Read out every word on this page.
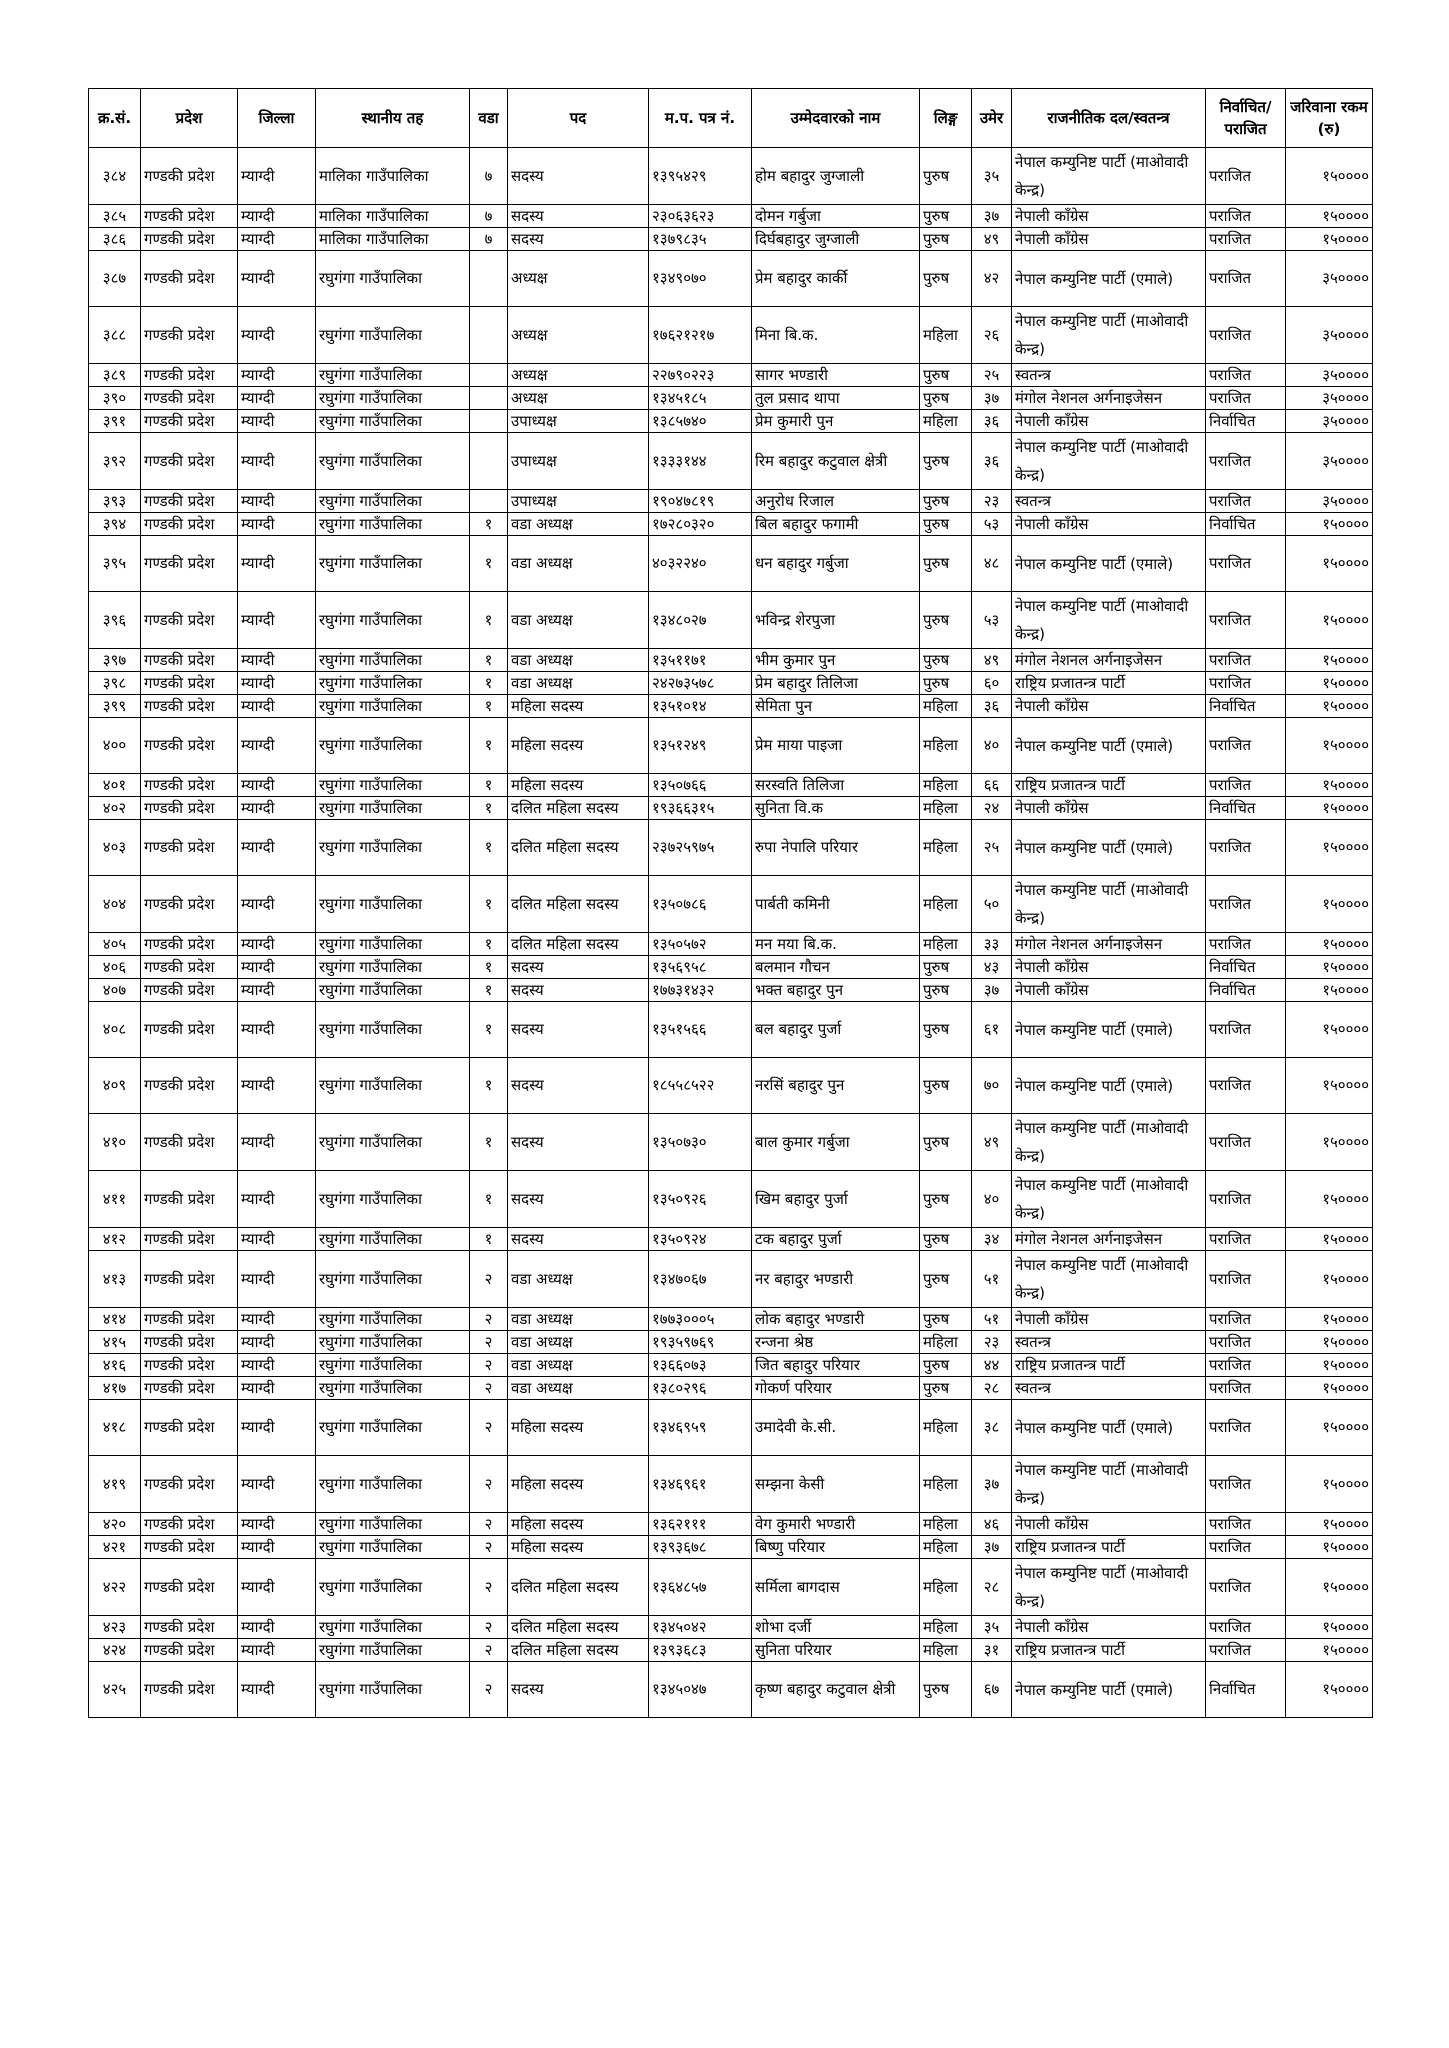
क्र.सं.	प्रदेश	जिल्ला	स्थानीय तह	वडा	पद	म.प. पत्र नं.	उम्मेदवारको नाम	लिङ्ग	उमेर	राजनीतिक दल/स्वतन्त्र	निर्वाचित/ पराजित	जरिवाना रकम (रु)
३८४	गण्डकी प्रदेश	म्याग्दी	मालिका गाउँपालिका	७	सदस्य	१३९५४२९	होम बहादुर जुग्जाली	पुरुष	३५	नेपाल कम्युनिष्ट पार्टी (माओवादी केन्द्र)	पराजित	१५००००
३८५	गण्डकी प्रदेश	म्याग्दी	मालिका गाउँपालिका	७	सदस्य	२३०६३६२३	दोमन गर्बुजा	पुरुष	३७	नेपाली काँग्रेस	पराजित	१५००००
३८६	गण्डकी प्रदेश	म्याग्दी	मालिका गाउँपालिका	७	सदस्य	१३७९८३५	दिर्घबहादुर जुग्जाली	पुरुष	४९	नेपाली काँग्रेस	पराजित	१५००००
३८७	गण्डकी प्रदेश	म्याग्दी	रघुगंगा गाउँपालिका		अध्यक्ष	१३४९०७०	प्रेम बहादुर कार्की	पुरुष	४२	नेपाल कम्युनिष्ट पार्टी (एमाले)	पराजित	३५००००
३८८	गण्डकी प्रदेश	म्याग्दी	रघुगंगा गाउँपालिका		अध्यक्ष	१७६२१२१७	मिना बि.क.	महिला	२६	नेपाल कम्युनिष्ट पार्टी (माओवादी केन्द्र)	पराजित	३५००००
३८९	गण्डकी प्रदेश	म्याग्दी	रघुगंगा गाउँपालिका		अध्यक्ष	२२७९०२२३	सागर भण्डारी	पुरुष	२५	स्वतन्त्र	पराजित	३५००००
३९०	गण्डकी प्रदेश	म्याग्दी	रघुगंगा गाउँपालिका		अध्यक्ष	१३४५१८५	तुल प्रसाद थापा	पुरुष	३७	मंगोल नेशनल अर्गनाइजेसन	पराजित	३५००००
३९१	गण्डकी प्रदेश	म्याग्दी	रघुगंगा गाउँपालिका		उपाध्यक्ष	१३८५७४०	प्रेम कुमारी पुन	महिला	३६	नेपाली काँग्रेस	निर्वाचित	३५००००
३९२	गण्डकी प्रदेश	म्याग्दी	रघुगंगा गाउँपालिका		उपाध्यक्ष	१३३३१४४	रिम बहादुर कटुवाल क्षेत्री	पुरुष	३६	नेपाल कम्युनिष्ट पार्टी (माओवादी केन्द्र)	पराजित	३५००००
३९३	गण्डकी प्रदेश	म्याग्दी	रघुगंगा गाउँपालिका		उपाध्यक्ष	१९०४७८१९	अनुरोध रिजाल	पुरुष	२३	स्वतन्त्र	पराजित	३५००००
३९४	गण्डकी प्रदेश	म्याग्दी	रघुगंगा गाउँपालिका	१	वडा अध्यक्ष	१७२८०३२०	बिल बहादुर फगामी	पुरुष	५३	नेपाली काँग्रेस	निर्वाचित	१५००००
३९५	गण्डकी प्रदेश	म्याग्दी	रघुगंगा गाउँपालिका	१	वडा अध्यक्ष	४०३२२४०	धन बहादुर गर्बुजा	पुरुष	४८	नेपाल कम्युनिष्ट पार्टी (एमाले)	पराजित	१५००००
३९६	गण्डकी प्रदेश	म्याग्दी	रघुगंगा गाउँपालिका	१	वडा अध्यक्ष	१३४८०२७	भविन्द्र शेरपुजा	पुरुष	५३	नेपाल कम्युनिष्ट पार्टी (माओवादी केन्द्र)	पराजित	१५००००
३९७	गण्डकी प्रदेश	म्याग्दी	रघुगंगा गाउँपालिका	१	वडा अध्यक्ष	१३५११७१	भीम कुमार पुन	पुरुष	४९	मंगोल नेशनल अर्गनाइजेसन	पराजित	१५००००
३९८	गण्डकी प्रदेश	म्याग्दी	रघुगंगा गाउँपालिका	१	वडा अध्यक्ष	२४२७३५७८	प्रेम बहादुर तिलिजा	पुरुष	६०	राष्ट्रिय प्रजातन्त्र पार्टी	पराजित	१५००००
३९९	गण्डकी प्रदेश	म्याग्दी	रघुगंगा गाउँपालिका	१	महिला सदस्य	१३५१०१४	सेमिता पुन	महिला	३६	नेपाली काँग्रेस	निर्वाचित	१५००००
४००	गण्डकी प्रदेश	म्याग्दी	रघुगंगा गाउँपालिका	१	महिला सदस्य	१३५१२४९	प्रेम माया पाइजा	महिला	४०	नेपाल कम्युनिष्ट पार्टी (एमाले)	पराजित	१५००००
४०१	गण्डकी प्रदेश	म्याग्दी	रघुगंगा गाउँपालिका	१	महिला सदस्य	१३५०७६६	सरस्वति तिलिजा	महिला	६६	राष्ट्रिय प्रजातन्त्र पार्टी	पराजित	१५००००
४०२	गण्डकी प्रदेश	म्याग्दी	रघुगंगा गाउँपालिका	१	दलित महिला सदस्य	१९३६६३१५	सुनिता वि.क	महिला	२४	नेपाली काँग्रेस	निर्वाचित	१५००००
४०३	गण्डकी प्रदेश	म्याग्दी	रघुगंगा गाउँपालिका	१	दलित महिला सदस्य	२३७२५९७५	रुपा नेपालि परियार	महिला	२५	नेपाल कम्युनिष्ट पार्टी (एमाले)	पराजित	१५००००
४०४	गण्डकी प्रदेश	म्याग्दी	रघुगंगा गाउँपालिका	१	दलित महिला सदस्य	१३५०७८६	पार्बती कमिनी	महिला	५०	नेपाल कम्युनिष्ट पार्टी (माओवादी केन्द्र)	पराजित	१५००००
४०५	गण्डकी प्रदेश	म्याग्दी	रघुगंगा गाउँपालिका	१	दलित महिला सदस्य	१३५०५७२	मन मया बि.क.	महिला	३३	मंगोल नेशनल अर्गनाइजेसन	पराजित	१५००००
४०६	गण्डकी प्रदेश	म्याग्दी	रघुगंगा गाउँपालिका	१	सदस्य	१३५६९५८	बलमान गौचन	पुरुष	४३	नेपाली काँग्रेस	निर्वाचित	१५००००
४०७	गण्डकी प्रदेश	म्याग्दी	रघुगंगा गाउँपालिका	१	सदस्य	१७७३१४३२	भक्त बहादुर पुन	पुरुष	३७	नेपाली काँग्रेस	निर्वाचित	१५००००
४०८	गण्डकी प्रदेश	म्याग्दी	रघुगंगा गाउँपालिका	१	सदस्य	१३५१५६६	बल बहादुर पुर्जा	पुरुष	६१	नेपाल कम्युनिष्ट पार्टी (एमाले)	पराजित	१५००००
४०९	गण्डकी प्रदेश	म्याग्दी	रघुगंगा गाउँपालिका	१	सदस्य	१८५५८५२२	नरसिं बहादुर पुन	पुरुष	७०	नेपाल कम्युनिष्ट पार्टी (एमाले)	पराजित	१५००००
४१०	गण्डकी प्रदेश	म्याग्दी	रघुगंगा गाउँपालिका	१	सदस्य	१३५०७३०	बाल कुमार गर्बुजा	पुरुष	४९	नेपाल कम्युनिष्ट पार्टी (माओवादी केन्द्र)	पराजित	१५००००
४११	गण्डकी प्रदेश	म्याग्दी	रघुगंगा गाउँपालिका	१	सदस्य	१३५०९२६	खिम बहादुर पुर्जा	पुरुष	४०	नेपाल कम्युनिष्ट पार्टी (माओवादी केन्द्र)	पराजित	१५००००
४१२	गण्डकी प्रदेश	म्याग्दी	रघुगंगा गाउँपालिका	१	सदस्य	१३५०९२४	टक बहादुर पुर्जा	पुरुष	३४	मंगोल नेशनल अर्गनाइजेसन	पराजित	१५००००
४१३	गण्डकी प्रदेश	म्याग्दी	रघुगंगा गाउँपालिका	२	वडा अध्यक्ष	१३४७०६७	नर बहादुर भण्डारी	पुरुष	५१	नेपाल कम्युनिष्ट पार्टी (माओवादी केन्द्र)	पराजित	१५००००
४१४	गण्डकी प्रदेश	म्याग्दी	रघुगंगा गाउँपालिका	२	वडा अध्यक्ष	१७७३०००५	लोक बहादुर भण्डारी	पुरुष	५१	नेपाली काँग्रेस	पराजित	१५००००
४१५	गण्डकी प्रदेश	म्याग्दी	रघुगंगा गाउँपालिका	२	वडा अध्यक्ष	१९३५९७६९	रन्जना श्रेष्ठ	महिला	२३	स्वतन्त्र	पराजित	१५००००
४१६	गण्डकी प्रदेश	म्याग्दी	रघुगंगा गाउँपालिका	२	वडा अध्यक्ष	१३६६०७३	जित बहादुर परियार	पुरुष	४४	राष्ट्रिय प्रजातन्त्र पार्टी	पराजित	१५००००
४१७	गण्डकी प्रदेश	म्याग्दी	रघुगंगा गाउँपालिका	२	वडा अध्यक्ष	१३८०२९६	गोकर्ण परियार	पुरुष	२८	स्वतन्त्र	पराजित	१५००००
४१८	गण्डकी प्रदेश	म्याग्दी	रघुगंगा गाउँपालिका	२	महिला सदस्य	१३४६९५९	उमादेवी के.सी.	महिला	३८	नेपाल कम्युनिष्ट पार्टी (एमाले)	पराजित	१५००००
४१९	गण्डकी प्रदेश	म्याग्दी	रघुगंगा गाउँपालिका	२	महिला सदस्य	१३४६९६१	सम्झना केसी	महिला	३७	नेपाल कम्युनिष्ट पार्टी (माओवादी केन्द्र)	पराजित	१५००००
४२०	गण्डकी प्रदेश	म्याग्दी	रघुगंगा गाउँपालिका	२	महिला सदस्य	१३६२१११	वेग कुमारी भण्डारी	महिला	४६	नेपाली काँग्रेस	पराजित	१५००००
४२१	गण्डकी प्रदेश	म्याग्दी	रघुगंगा गाउँपालिका	२	महिला सदस्य	१३९३६७८	बिष्णु परियार	महिला	३७	राष्ट्रिय प्रजातन्त्र पार्टी	पराजित	१५००००
४२२	गण्डकी प्रदेश	म्याग्दी	रघुगंगा गाउँपालिका	२	दलित महिला सदस्य	१३६४८५७	सर्मिला बागदास	महिला	२८	नेपाल कम्युनिष्ट पार्टी (माओवादी केन्द्र)	पराजित	१५००००
४२३	गण्डकी प्रदेश	म्याग्दी	रघुगंगा गाउँपालिका	२	दलित महिला सदस्य	१३४५०४२	शोभा दर्जी	महिला	३५	नेपाली काँग्रेस	पराजित	१५००००
४२४	गण्डकी प्रदेश	म्याग्दी	रघुगंगा गाउँपालिका	२	दलित महिला सदस्य	१३९३६८३	सुनिता परियार	महिला	३१	राष्ट्रिय प्रजातन्त्र पार्टी	पराजित	१५००००
४२५	गण्डकी प्रदेश	म्याग्दी	रघुगंगा गाउँपालिका	२	सदस्य	१३४५०४७	कृष्ण बहादुर कटुवाल क्षेत्री	पुरुष	६७	नेपाल कम्युनिष्ट पार्टी (एमाले)	निर्वाचित	१५००००
